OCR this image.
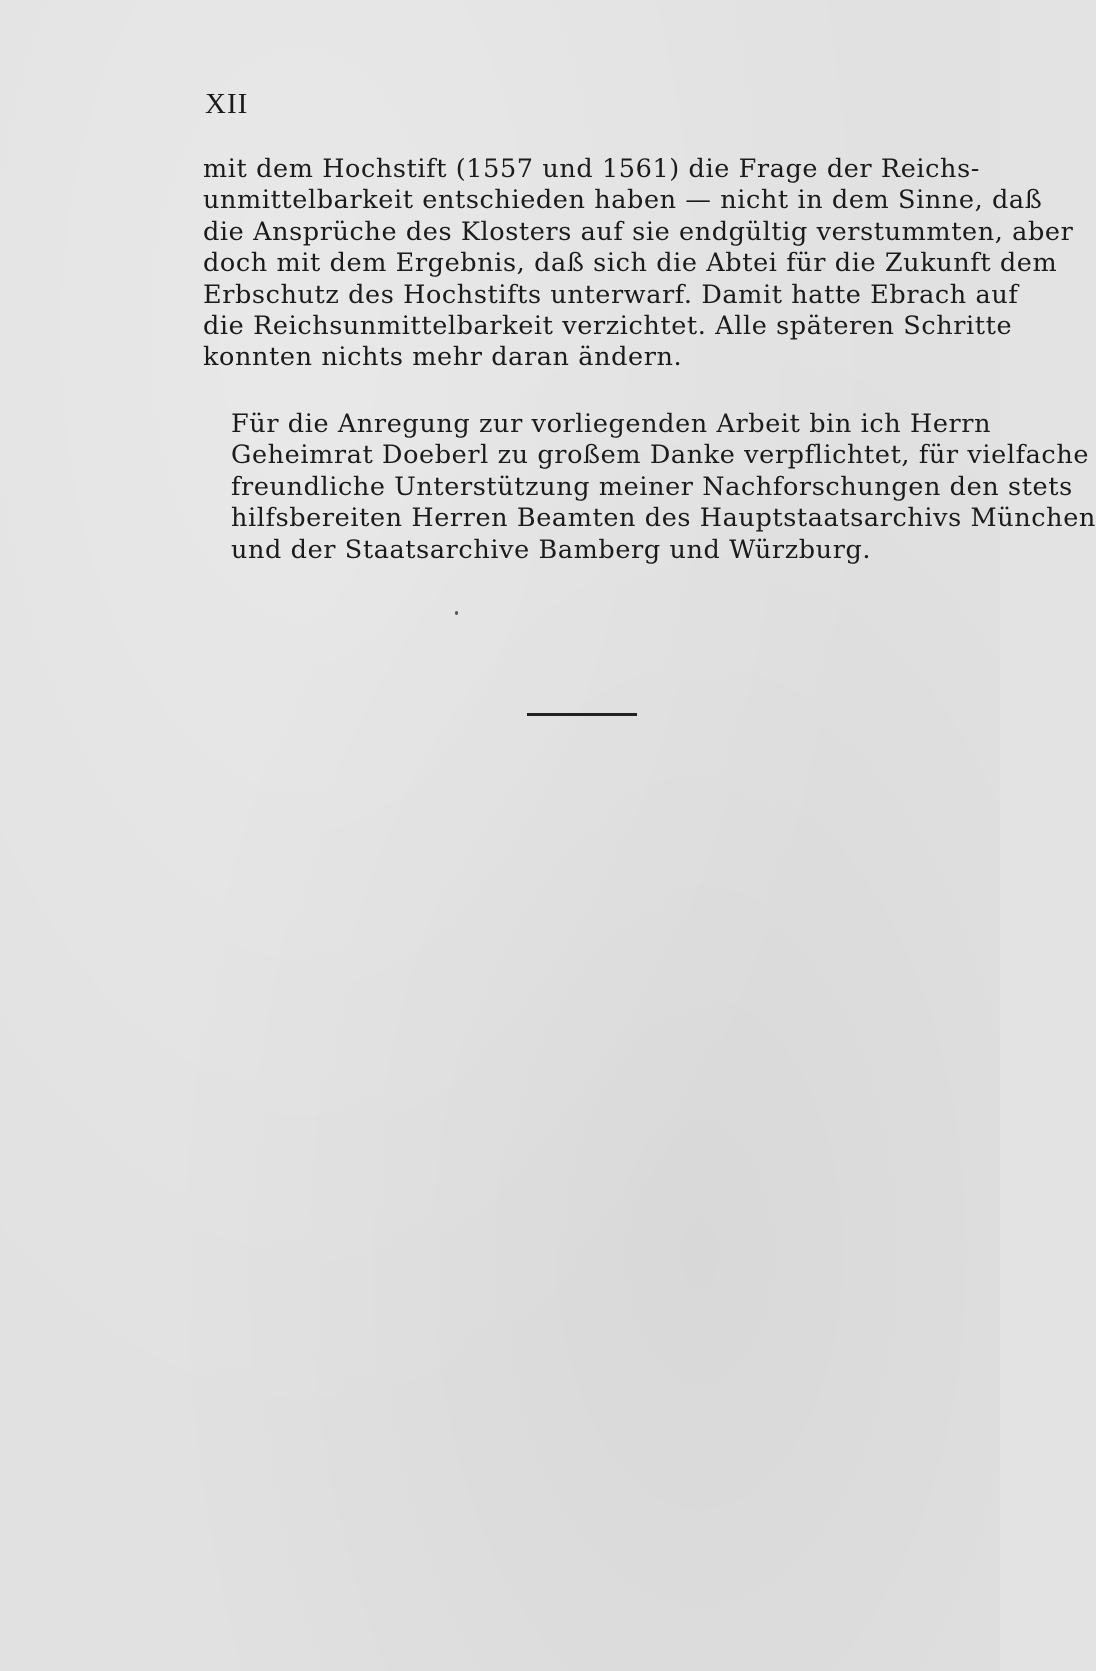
XII

mit dem Hochstift (1557 und 1561) die Frage der Reichs-
unmittelbarkeit entschieden haben — nicht in dem Sinne, daß
die Ansprüche des Klosters auf sie endgültig verstummten, aber
doch mit dem Ergebnis, daß sich die Abtei für die Zukunft dem
Erbschutz des Hochstifts unterwarf. Damit hatte Ebrach auf
die Reichsunmittelbarkeit verzichtet. Alle späteren Schritte
konnten nichts mehr daran ändern.

Für die Anregung zur vorliegenden Arbeit bin ich Herrn
Geheimrat Doeberl zu großem Danke verpflichtet, für vielfache
freundliche Unterstützung meiner Nachforschungen den stets
hilfsbereiten Herren Beamten des Hauptstaatsarchivs München
und der Staatsarchive Bamberg und Würzburg.
